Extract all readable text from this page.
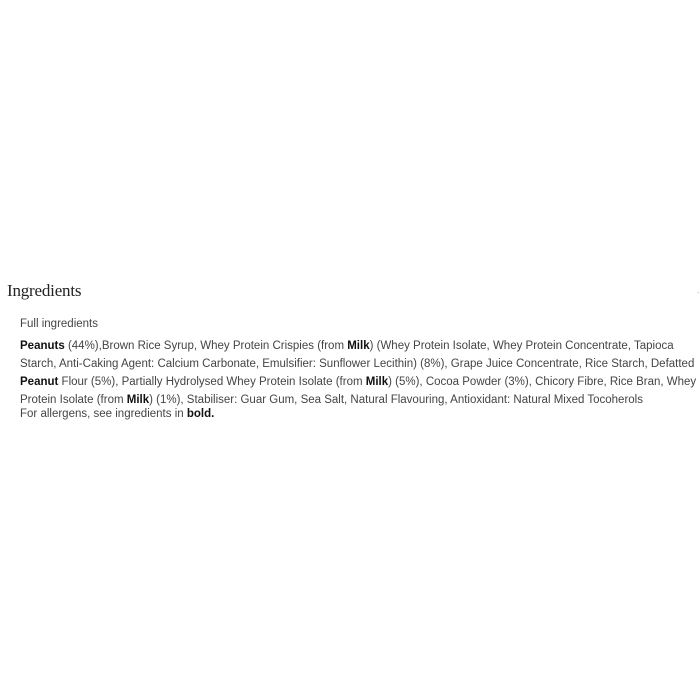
Ingredients	·
Full ingredients

Peanuts (44%),Brown Rice Syrup, Whey Protein Crispies (from Milk) (Whey Protein Isolate, Whey Protein Concentrate, Tapioca Starch, Anti-Caking Agent: Calcium Carbonate, Emulsifier: Sunflower Lecithin) (8%), Grape Juice Concentrate, Rice Starch, Defatted Peanut Flour (5%), Partially Hydrolysed Whey Protein Isolate (from Milk) (5%), Cocoa Powder (3%), Chicory Fibre, Rice Bran, Whey Protein Isolate (from Milk) (1%), Stabiliser: Guar Gum, Sea Salt, Natural Flavouring, Antioxidant: Natural Mixed Tocoherols

For allergens, see ingredients in bold.
